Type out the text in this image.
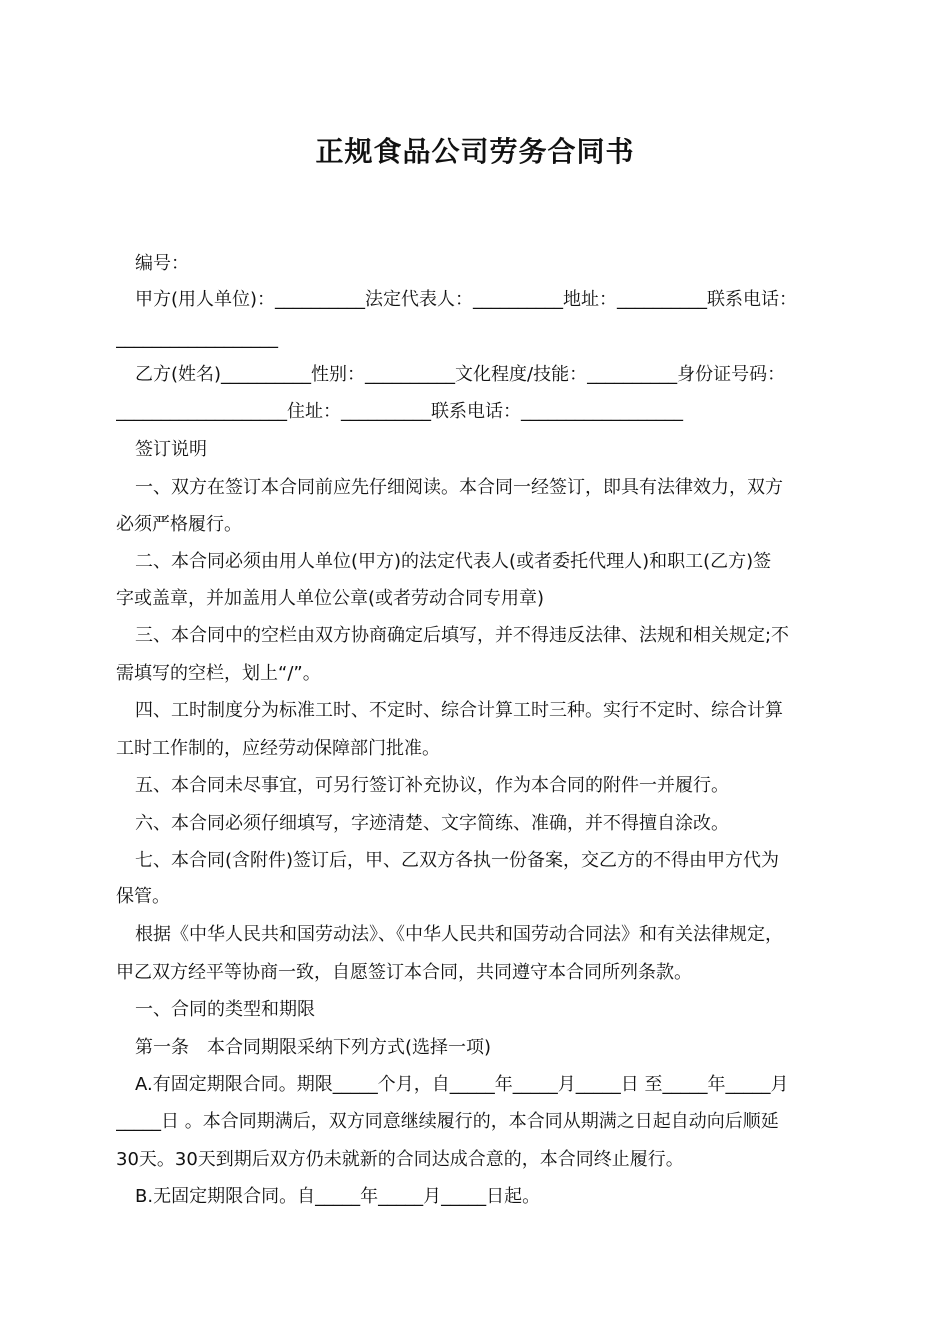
正规食品公司劳务合同书
编号：
甲方(用人单位)：__________法定代表人：__________地址：__________联系电话：
__________________
乙方(姓名)__________性别：__________文化程度/技能：__________身份证号码：
___________________住址：__________联系电话：__________________
签订说明
一、双方在签订本合同前应先仔细阅读。本合同一经签订，即具有法律效力，双方
必须严格履行。
二、本合同必须由用人单位(甲方)的法定代表人(或者委托代理人)和职工(乙方)签
字或盖章，并加盖用人单位公章(或者劳动合同专用章)
三、本合同中的空栏由双方协商确定后填写，并不得违反法律、法规和相关规定;不
需填写的空栏，划上“/”。
四、工时制度分为标准工时、不定时、综合计算工时三种。实行不定时、综合计算
工时工作制的，应经劳动保障部门批准。
五、本合同未尽事宜，可另行签订补充协议，作为本合同的附件一并履行。
六、本合同必须仔细填写，字迹清楚、文字简练、准确，并不得擅自涂改。
七、本合同(含附件)签订后，甲、乙双方各执一份备案，交乙方的不得由甲方代为
保管。
根据《中华人民共和国劳动法》、《中华人民共和国劳动合同法》和有关法律规定，
甲乙双方经平等协商一致，自愿签订本合同，共同遵守本合同所列条款。
一、合同的类型和期限
第一条　本合同期限采纳下列方式(选择一项)
A.有固定期限合同。期限_____个月，自_____年_____月_____日 至_____年_____月
_____日 。本合同期满后，双方同意继续履行的，本合同从期满之日起自动向后顺延
30天。30天到期后双方仍未就新的合同达成合意的，本合同终止履行。
B.无固定期限合同。自_____年_____月_____日起。
